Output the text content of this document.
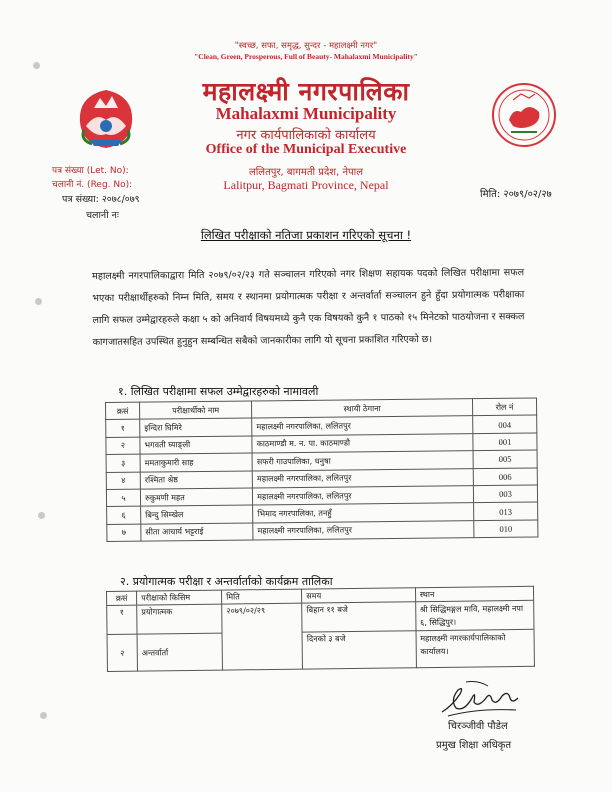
"स्वच्छ, सफा, समृद्ध, सुन्दर - महालक्ष्मी नगर"
"Clean, Green, Prosperous, Full of Beauty- Mahalaxmi Municipality"
महालक्ष्मी नगरपालिका
Mahalaxmi Municipality
नगर कार्यपालिकाको कार्यालय
Office of the Municipal Executive
ललितपुर, बागमती प्रदेश, नेपाल
Lalitpur, Bagmati Province, Nepal
पत्र संख्या (Let. No):
चलानी नं. (Reg. No):
पत्र संख्या: २०७८/०७९
चलानी नः
मिति: २०७९/०२/२७
लिखित परीक्षाको नतिजा प्रकाशन गरिएको सूचना !
महालक्ष्मी नगरपालिकाद्वारा मिति २०७९/०२/२३ गते सञ्चालन गरिएको नगर शिक्षण सहायक पदको लिखित परीक्षामा सफल भएका परीक्षार्थीहरुको निम्न मिति, समय र स्थानमा प्रयोगात्मक परीक्षा र अन्तर्वार्ता सञ्चालन हुने हुँदा प्रयोगात्मक परीक्षाका लागि सफल उम्मेद्वारहरुले कक्षा ५ को अनिवार्य विषयमध्ये कुनै एक विषयको कुनै १ पाठको १५ मिनेटको पाठयोजना र सक्कल कागजातसहित उपस्थित हुनुहुन सम्बन्धित सबैको जानकारीका लागि यो सूचना प्रकाशित गरिएको छ।
१. लिखित परीक्षामा सफल उम्मेद्वारहरुको नामावली
क्रसं	परीक्षार्थीको नाम	स्थायी ठेगाना	रोल नं
१	इन्दिरा घिमिरे	महालक्ष्मी नगरपालिका, ललितपुर	004
२	भगवती घ्याङ्ली	काठमाण्डौ म. न. पा. काठमाण्डौ	001
३	ममताकुमारी साह	सफरी गाउपालिका, धनुषा	005
४	रश्मिता श्रेष्ठ	महालक्ष्मी नगरपालिका, ललितपुर	006
५	रुकुमणी महत	महालक्ष्मी नगरपालिका, ललितपुर	003
६	बिन्दु सिम्खेल	भिमाद नगरपालिका, तनहुँ	013
७	सीता आचार्य भट्टराई	महालक्ष्मी नगरपालिका, ललितपुर	010
२. प्रयोगात्मक परीक्षा र अन्तर्वार्ताको कार्यक्रम तालिका
क्रसं	परीक्षाको किसिम	मिति	समय	स्थान
१	प्रयोगात्मक	२०७९/०२/२९	बिहान ११ बजे	श्री सिद्धिमङ्गल मावि, महालक्ष्मी नपा ६, सिद्धिपुर।
२	अन्तर्वार्ता		दिनको ३ बजे	महालक्ष्मी नगरकार्यपालिकाको कार्यालय।
चिरञ्जीवी पौडेल
प्रमुख शिक्षा अधिकृत
